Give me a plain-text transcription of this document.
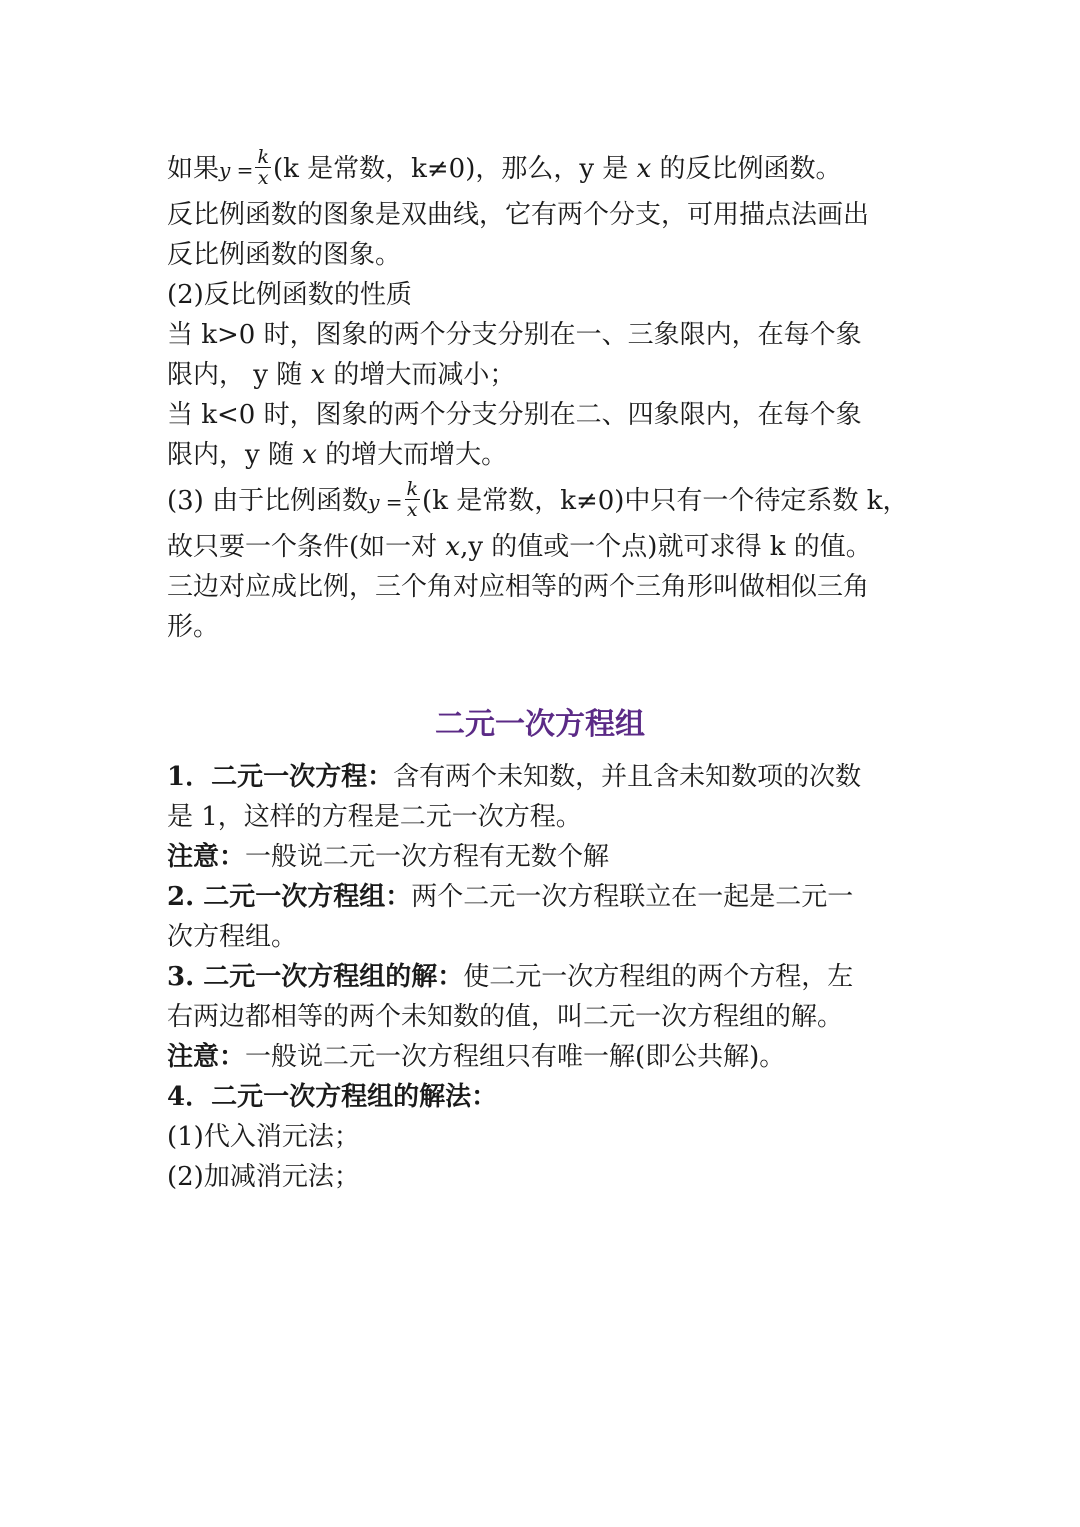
如果$y = \frac{k}{x} (k$ 是常数，k≠0)，那么，y 是 x 的反比例函数。
反比例函数的图象是双曲线，它有两个分支，可用描点法画出
反比例函数的图象。
(2)反比例函数的性质
当 k>0 时，图象的两个分支分别在一、三象限内，在每个象
限内， y 随 x 的增大而减小；
当 k<0 时，图象的两个分支分别在二、四象限内，在每个象
限内，y 随 x 的增大而增大。
(3) 由于比例函数$y = \frac{k}{x} (k$ 是常数，k≠0)中只有一个待定系数 k，
故只要一个条件(如一对 x,y 的值或一个点)就可求得 k 的值。
三边对应成比例，三个角对应相等的两个三角形叫做相似三角
形。
二元一次方程组
1．二元一次方程：含有两个未知数，并且含未知数项的次数
是 1，这样的方程是二元一次方程。
注意：一般说二元一次方程有无数个解
2. 二元一次方程组：两个二元一次方程联立在一起是二元一
次方程组。
3. 二元一次方程组的解：使二元一次方程组的两个方程，左
右两边都相等的两个未知数的值，叫二元一次方程组的解。
注意：一般说二元一次方程组只有唯一解(即公共解)。
4．二元一次方程组的解法：
(1)代入消元法；
(2)加减消元法；
